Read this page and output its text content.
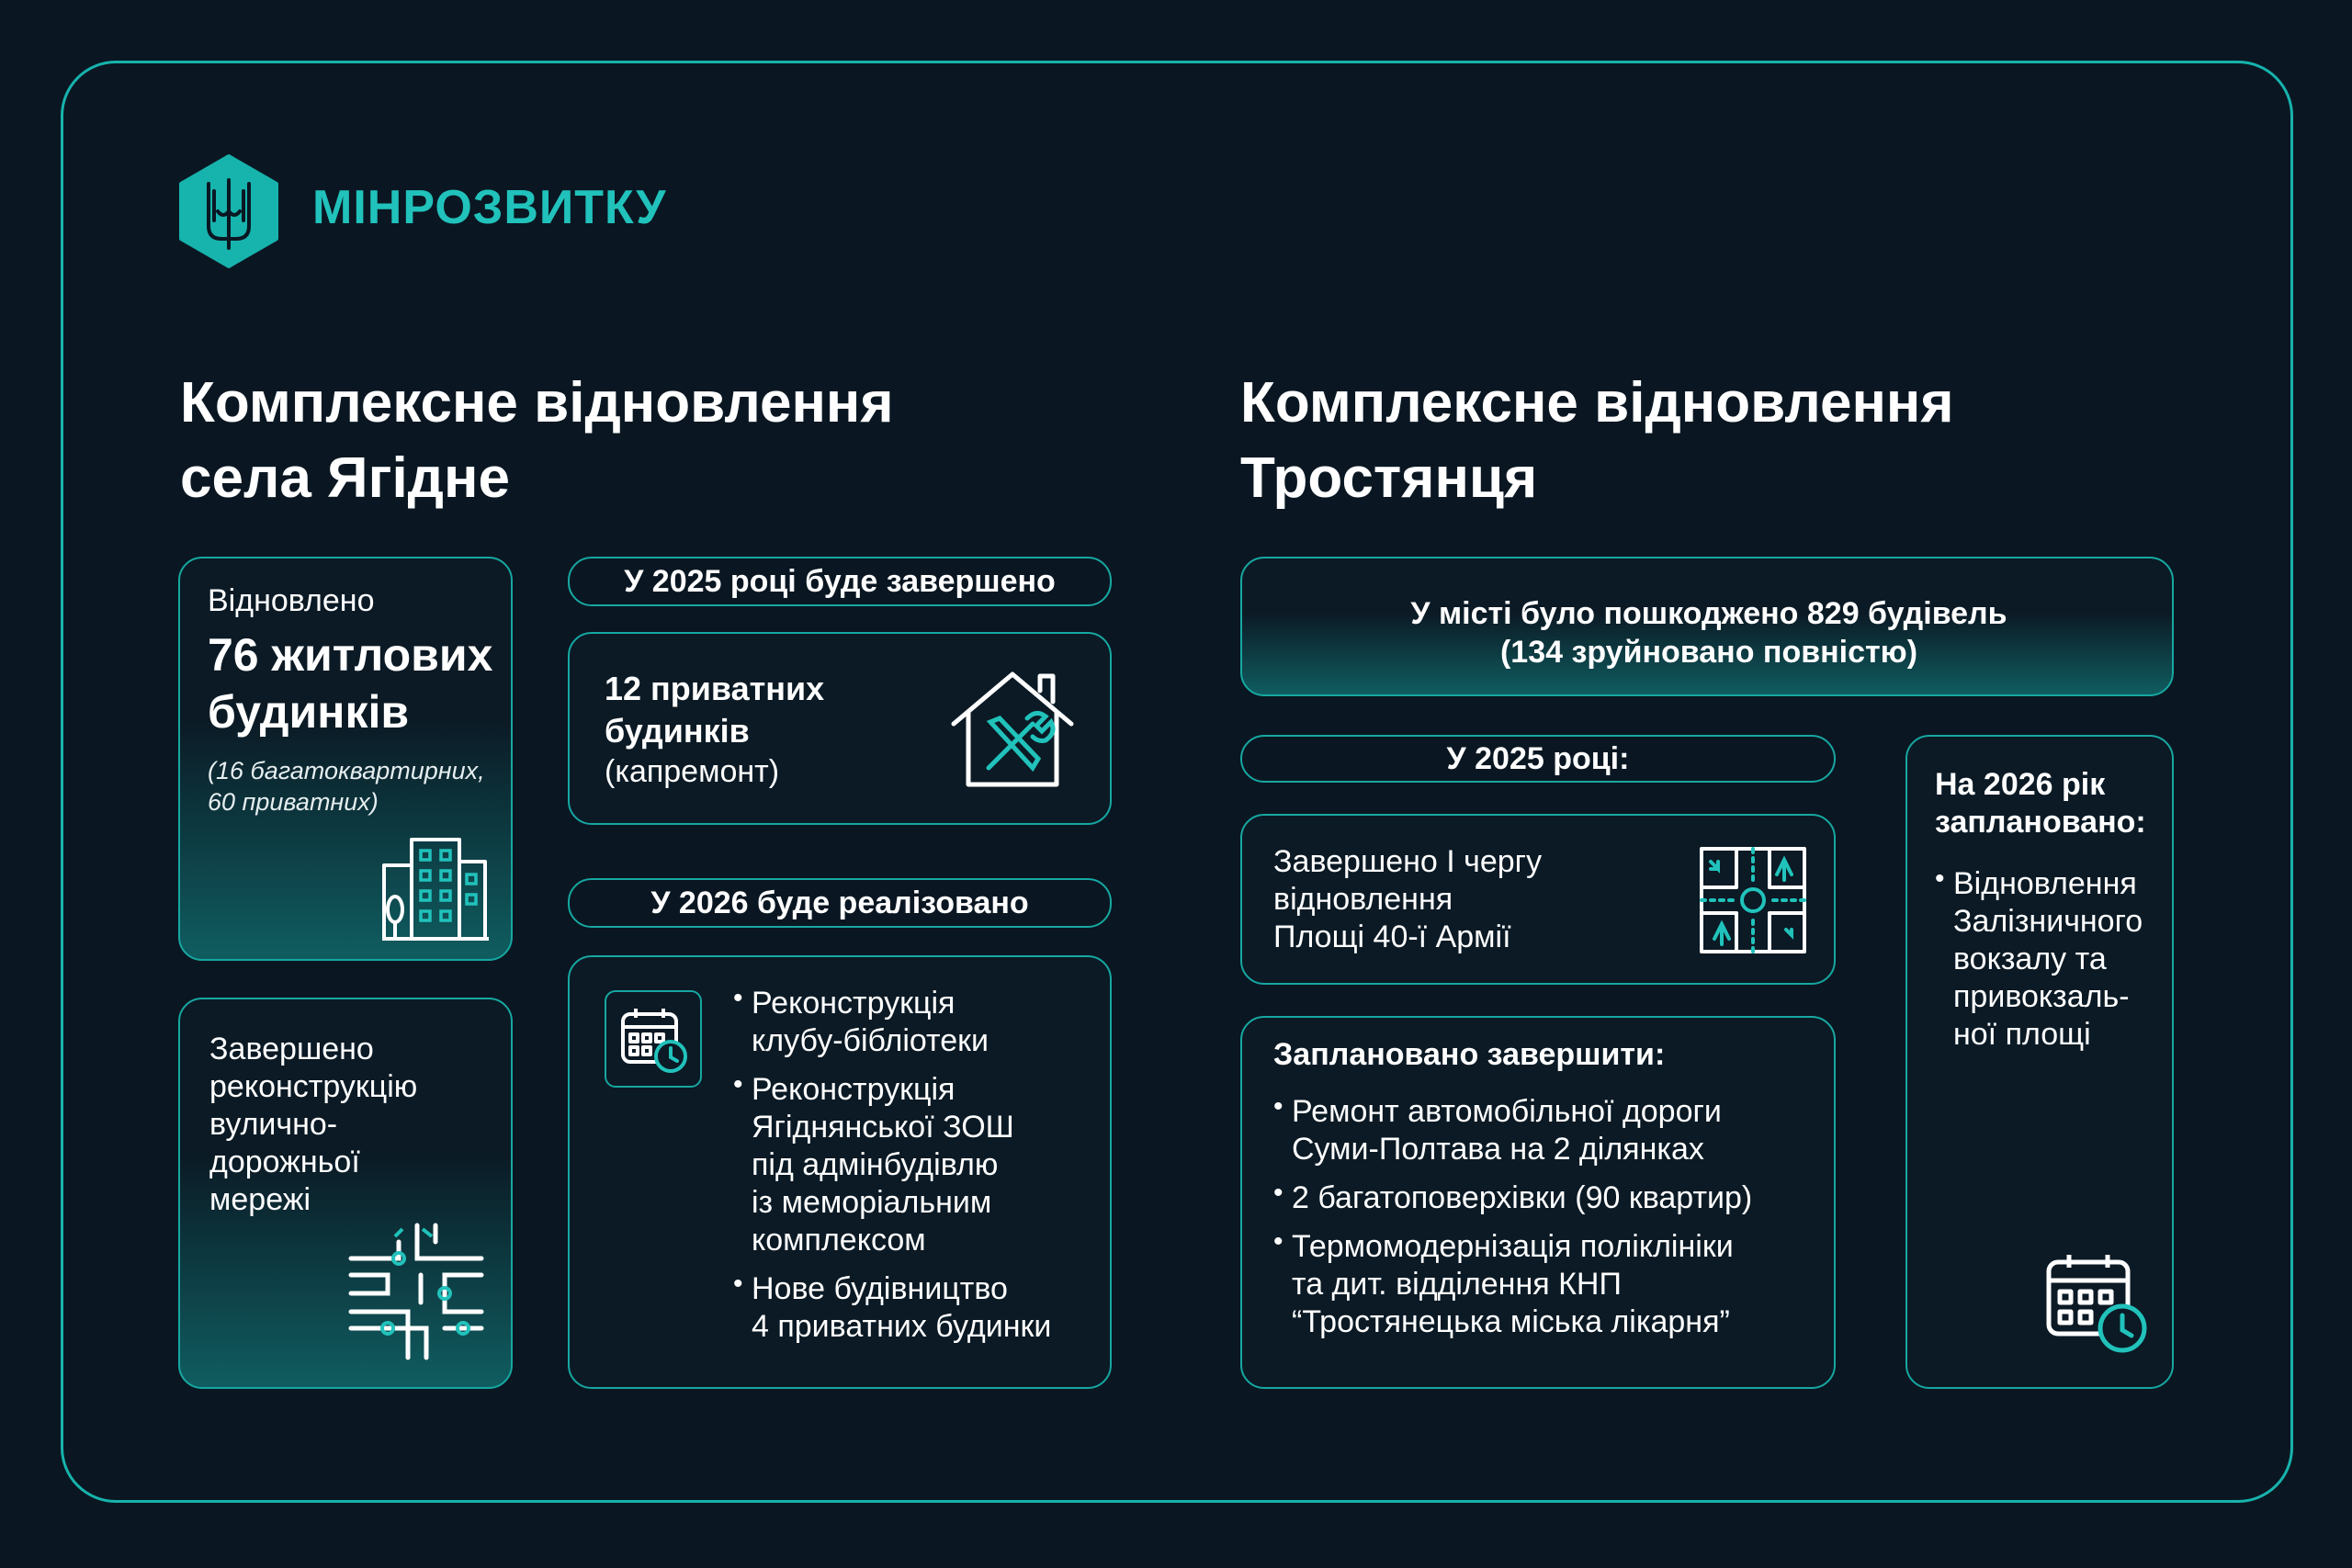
МІНРОЗВИТКУ
Комплексне відновлення
села Ягідне
Комплексне відновлення
Тростянця
Відновлено
76 житлових
будинків
(16 багатоквартирних,
60 приватних)
Завершено
реконструкцію
вулично-
дорожньої
мережі
У 2025 році буде завершено
12 приватних
будинків
(капремонт)
У 2026 буде реалізовано
• Реконструкція
клубу-бібліотеки
• Реконструкція
Ягіднянської ЗОШ
під адмінбудівлю
із меморіальним
комплексом
• Нове будівництво
4 приватних будинки
У місті було пошкоджено 829 будівель
(134 зруйновано повністю)
У 2025 році:
Завершено І чергу
відновлення
Площі 40-ї Армії
Заплановано завершити:
• Ремонт автомобільної дороги
Суми-Полтава на 2 ділянках
• 2 багатоповерхівки (90 квартир)
• Термомодернізація поліклініки
та дит. відділення КНП
“Тростянецька міська лікарня”
На 2026 рік
заплановано:
• Відновлення
Залізничного
вокзалу та
привокзаль-
ної площі
